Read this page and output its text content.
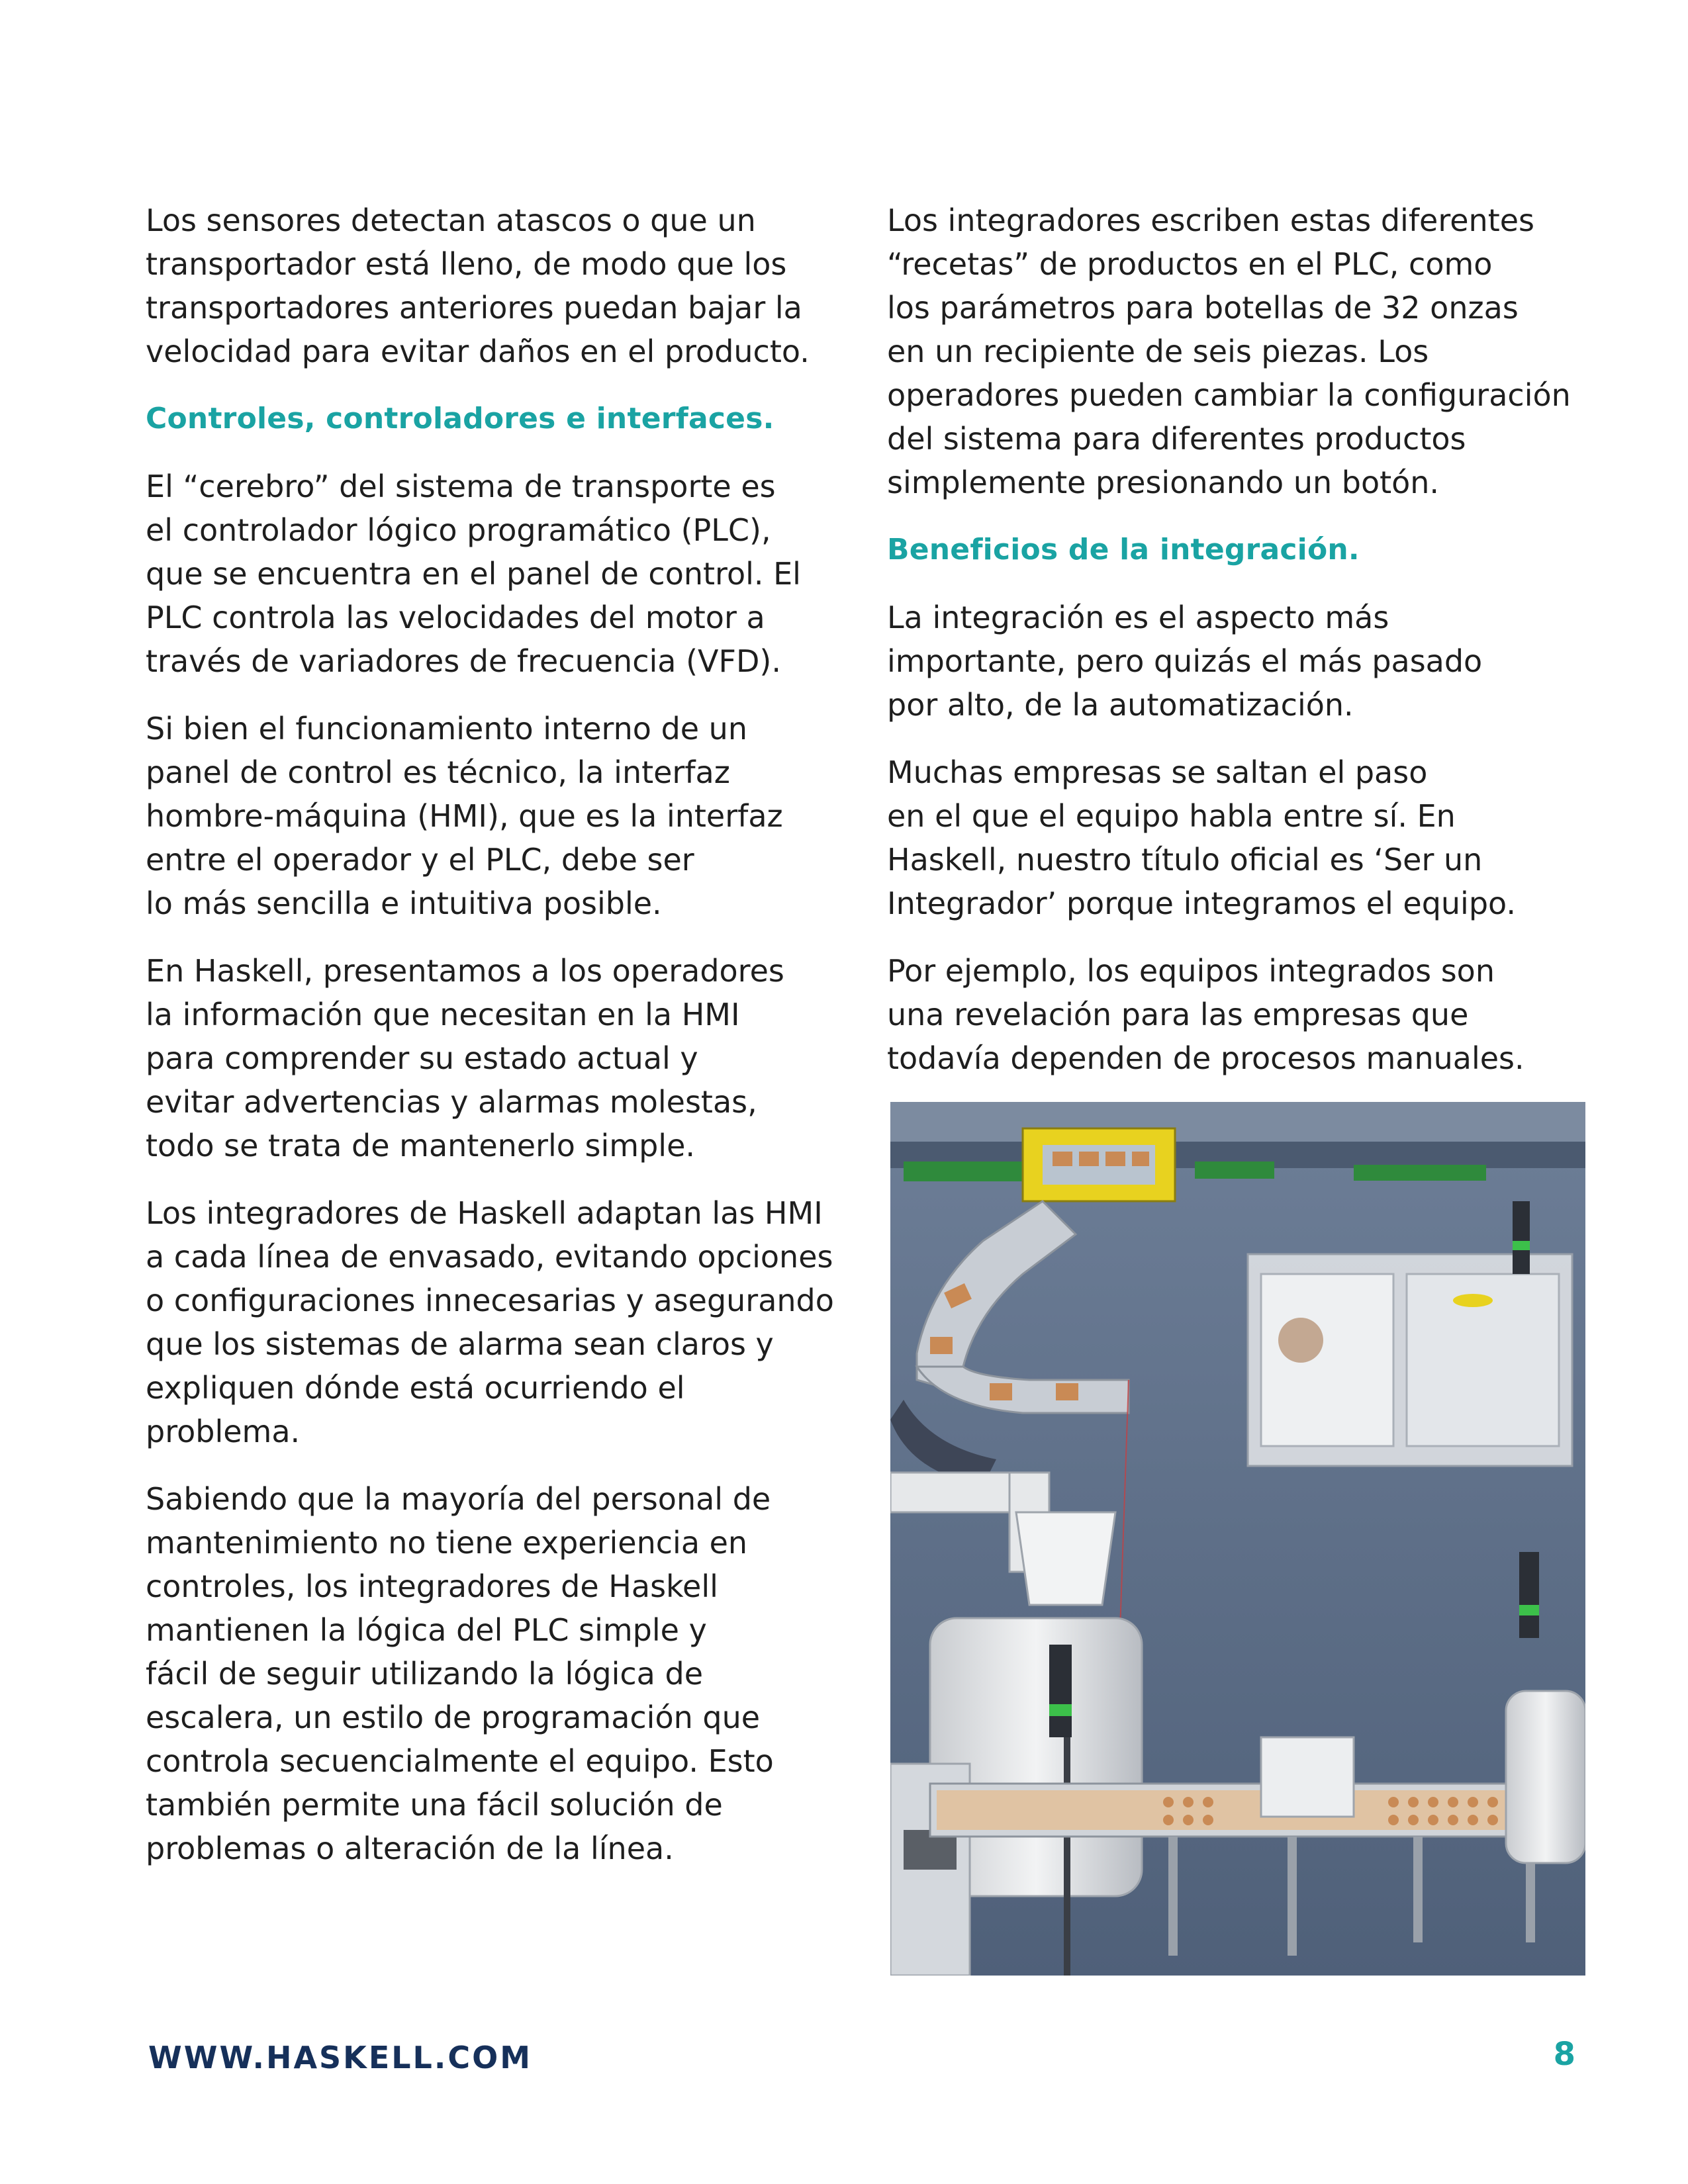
Los sensores detectan atascos o que un
transportador está lleno, de modo que los
transportadores anteriores puedan bajar la
velocidad para evitar daños en el producto.

Controles, controladores e interfaces.

El “cerebro” del sistema de transporte es
el controlador lógico programático (PLC),
que se encuentra en el panel de control. El
PLC controla las velocidades del motor a
través de variadores de frecuencia (VFD).

Si bien el funcionamiento interno de un
panel de control es técnico, la interfaz
hombre-máquina (HMI), que es la interfaz
entre el operador y el PLC, debe ser
lo más sencilla e intuitiva posible.

En Haskell, presentamos a los operadores
la información que necesitan en la HMI
para comprender su estado actual y
evitar advertencias y alarmas molestas,
todo se trata de mantenerlo simple.

Los integradores de Haskell adaptan las HMI
a cada línea de envasado, evitando opciones
o configuraciones innecesarias y asegurando
que los sistemas de alarma sean claros y
expliquen dónde está ocurriendo el problema.

Sabiendo que la mayoría del personal de
mantenimiento no tiene experiencia en
controles, los integradores de Haskell
mantienen la lógica del PLC simple y
fácil de seguir utilizando la lógica de
escalera, un estilo de programación que
controla secuencialmente el equipo. Esto
también permite una fácil solución de
problemas o alteración de la línea.

Los integradores escriben estas diferentes
“recetas” de productos en el PLC, como
los parámetros para botellas de 32 onzas
en un recipiente de seis piezas. Los
operadores pueden cambiar la configuración
del sistema para diferentes productos
simplemente presionando un botón.

Beneficios de la integración.

La integración es el aspecto más
importante, pero quizás el más pasado
por alto, de la automatización.

Muchas empresas se saltan el paso
en el que el equipo habla entre sí. En
Haskell, nuestro título oficial es ‘Ser un
Integrador’ porque integramos el equipo.

Por ejemplo, los equipos integrados son
una revelación para las empresas que
todavía dependen de procesos manuales.

WWW.HASKELL.COM	8
